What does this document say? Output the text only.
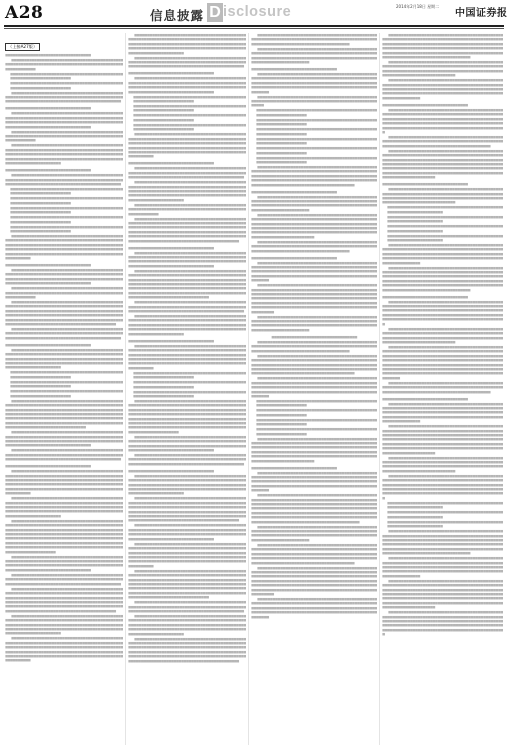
A28	信息披露 D isclosure	2014年2月18日 星期二
中国证券报
（上接A27版）
■■■■■■■■■■■■■■■■■■■■■■■■■■■■■■■■■■
■■■■■■■■■■■■■■■■■■■■■■■■■■■■■■■■■■■■■■■■■■■■■■■■■■■■■■■■■■■■■■■■■■■■■■■■■■■■■■■■■■■■■■■■■■■■■■■■■■■■■■
■■■■■■■■■■■■■■■■■■■■■■■■■■■■■■■■■■■■■■■■■■■■■■■■■■■■■■■■■■■■■■■■■■■■
■■■■■■■■■■■■■■■■■■■■■■■■■■■■■■■■■■■■■■■■■■■■■■■■■■■■■■■■■■■■■■■■■■■■
■■■■■■■■■■■■■■■■■■■■■■■■■■■■■■■■■■■■■■■■■■■■■■■■■■■■■■■■■■■■■■■■■■■■■■■■■■■■■■■■■■■■■■■■■■■■■■■■■■■■■■■■■■■■■■■■■■■■■■■■■■■■■■■■■■■■■■■■
■■■■■■■■■■■■■■■■■■■■■■■■■■■■■■■■■■
■■■■■■■■■■■■■■■■■■■■■■■■■■■■■■■■■■■■■■■■■■■■■■■■■■■■■■■■■■■■■■■■■■■■■■■■■■■■■■■■■■■■■■■■■■■■■■■■■■■■■■■■■■■■■■■■■■■■■■■■■■■■■■■■■■■■■■■■■■■■■■■■■■■■■■■■■■■■■■■■■■■■■■■■■■
■■■■■■■■■■■■■■■■■■■■■■■■■■■■■■■■■■■■■■■■■■■■■■■■■■■■■■■■■■■■■■■■■■■■■■■■■■■■■■■■■■■■■■■■■■■■■■■■■■■■■■
■■■■■■■■■■■■■■■■■■■■■■■■■■■■■■■■■■■■■■■■■■■■■■■■■■■■■■■■■■■■■■■■■■■■■■■■■■■■■■■■■■■■■■■■■■■■■■■■■■■■■■■■■■■■■■■■■■■■■■■■■■■■■■■■■■■■■■■■■■■■■■■■■■■■■■■■■■■■■■■■■■■■■■■■■■■■■■■■■■■■■■■■■■■■■■■■■■■■■■■■■■■■
■■■■■■■■■■■■■■■■■■■■■■■■■■■■■■■■■■
■■■■■■■■■■■■■■■■■■■■■■■■■■■■■■■■■■■■■■■■■■■■■■■■■■■■■■■■■■■■■■■■■■■■■■■■■■■■■■■■■■■■■■■■■■■■■■■■■■■■■■■■■■■■■■■■■■■■■■■■■■■■■■■■■■■■■■■■
■■■■■■■■■■■■■■■■■■■■■■■■■■■■■■■■■■■■■■■■■■■■■■■■■■■■■■■■■■■■■■■■■■■■
■■■■■■■■■■■■■■■■■■■■■■■■■■■■■■■■■■■■■■■■■■■■■■■■■■■■■■■■■■■■■■■■■■■■
■■■■■■■■■■■■■■■■■■■■■■■■■■■■■■■■■■■■■■■■■■■■■■■■■■■■■■■■■■■■■■■■■■■■
■■■■■■■■■■■■■■■■■■■■■■■■■■■■■■■■■■■■■■■■■■■■■■■■■■■■■■■■■■■■■■■■■■■■
■■■■■■■■■■■■■■■■■■■■■■■■■■■■■■■■■■■■■■■■■■■■■■■■■■■■■■■■■■■■■■■■■■■■
■■■■■■■■■■■■■■■■■■■■■■■■■■■■■■■■■■■■■■■■■■■■■■■■■■■■■■■■■■■■■■■■■■■■■■■■■■■■■■■■■■■■■■■■■■■■■■■■■■■■■■■■■■■■■■■■■■■■■■■■■■■■■■■■■■■■■■■■■■■■■■■■■■■■■■■■■■■■■■■■■■■■■■■■■■■■■■■■■■■■■■■■■■■■■■■■■■■■■■■■■■■■■■■■■■■■■■■■■■■■■■■■■■■■■■■■■■■■■■
■■■■■■■■■■■■■■■■■■■■■■■■■■■■■■■■■■
■■■■■■■■■■■■■■■■■■■■■■■■■■■■■■■■■■■■■■■■■■■■■■■■■■■■■■■■■■■■■■■■■■■■■■■■■■■■■■■■■■■■■■■■■■■■■■■■■■■■■■■■■■■■■■■■■■■■■■■■■■■■■■■■■■■■■■■■■■■■■■■■■■■■■■■■■■■■■■■■■■■■■■■■■■
■■■■■■■■■■■■■■■■■■■■■■■■■■■■■■■■■■■■■■■■■■■■■■■■■■■■■■■■■■■■■■■■■■■■■■■■■■■■■■■■■■■■■■■■■■■■■■■■■■■■■■
■■■■■■■■■■■■■■■■■■■■■■■■■■■■■■■■■■■■■■■■■■■■■■■■■■■■■■■■■■■■■■■■■■■■■■■■■■■■■■■■■■■■■■■■■■■■■■■■■■■■■■■■■■■■■■■■■■■■■■■■■■■■■■■■■■■■■■■■■■■■■■■■■■■■■■■■■■■■■■■■■■■■■■■■■■■■■■■■■■■■■■■■■■■■■■■■■■■■■■■■■■■■■■■■■■■■■■■■■■■■■■■■■■■■■■■■■■■■■■■■■■■■■■■■■■■■■■■■■■■■■■■■■■■■■■■■
■■■■■■■■■■■■■■■■■■■■■■■■■■■■■■■■■■■■■■■■■■■■■■■■■■■■■■■■■■■■■■■■■■■■■■■■■■■■■■■■■■■■■■■■■■■■■■■■■■■■■■■■■■■■■■■■■■■■■■■■■■■■■■■■■■■■■■■■
■■■■■■■■■■■■■■■■■■■■■■■■■■■■■■■■■■
■■■■■■■■■■■■■■■■■■■■■■■■■■■■■■■■■■■■■■■■■■■■■■■■■■■■■■■■■■■■■■■■■■■■■■■■■■■■■■■■■■■■■■■■■■■■■■■■■■■■■■■■■■■■■■■■■■■■■■■■■■■■■■■■■■■■■■■■■■■■■■■■■■■■■■■■■■■■■■■■■■■■■■■■■■■■■■■■■■■■■■■■■■■■■■■■■■■■■■■■■■■■
■■■■■■■■■■■■■■■■■■■■■■■■■■■■■■■■■■■■■■■■■■■■■■■■■■■■■■■■■■■■■■■■■■■■
■■■■■■■■■■■■■■■■■■■■■■■■■■■■■■■■■■■■■■■■■■■■■■■■■■■■■■■■■■■■■■■■■■■■
■■■■■■■■■■■■■■■■■■■■■■■■■■■■■■■■■■■■■■■■■■■■■■■■■■■■■■■■■■■■■■■■■■■■
■■■■■■■■■■■■■■■■■■■■■■■■■■■■■■■■■■■■■■■■■■■■■■■■■■■■■■■■■■■■■■■■■■■■■■■■■■■■■■■■■■■■■■■■■■■■■■■■■■■■■■■■■■■■■■■■■■■■■■■■■■■■■■■■■■■■■■■■■■■■■■■■■■■■■■■■■■■■■■■■■■■■■■■■■■■■■■■■■■■■■■■■■■■■■■■■■■■■■■■■■■■■■■■■■■■■■■■■■■■■■■■■■■■■■■■■■■■■■■■■■■■■■■■■■■■■■■■■■■■■■■■■■■■■■■■■■■■■■■■■■■■■■■■■■■■■■■■■■■■■■■■■■■
■■■■■■■■■■■■■■■■■■■■■■■■■■■■■■■■■■■■■■■■■■■■■■■■■■■■■■■■■■■■■■■■■■■■■■■■■■■■■■■■■■■■■■■■■■■■■■■■■■■■■■■■■■■■■■■■■■■■■■■■■■■■■■■■■■■■■■■■■■■■■■■■■■■■■■■■■■■■■■■■■■■■■■■■■■
■■■■■■■■■■■■■■■■■■■■■■■■■■■■■■■■■■■■■■■■■■■■■■■■■■■■■■■■■■■■■■■■■■■■■■■■■■■■■■■■■■■■■■■■■■■■■■■■■■■■■■■■■■■■■■■■■■■■■■■■■■■■■■■■■■■■■■■■
■■■■■■■■■■■■■■■■■■■■■■■■■■■■■■■■■■
■■■■■■■■■■■■■■■■■■■■■■■■■■■■■■■■■■■■■■■■■■■■■■■■■■■■■■■■■■■■■■■■■■■■■■■■■■■■■■■■■■■■■■■■■■■■■■■■■■■■■■■■■■■■■■■■■■■■■■■■■■■■■■■■■■■■■■■■■■■■■■■■■■■■■■■■■■■■■■■■■■■■■■■■■■■■■■■■■■■■■■■■■■■■■■■■■■■■■■■■■■■■■■■■■■■■■■■■■■■■■■■■■■■■■■■■■■■■■■
■■■■■■■■■■■■■■■■■■■■■■■■■■■■■■■■■■■■■■■■■■■■■■■■■■■■■■■■■■■■■■■■■■■■■■■■■■■■■■■■■■■■■■■■■■■■■■■■■■■■■■■■■■■■■■■■■■■■■■■■■■■■■■■■■■■■■■■■■■■■■■■■■■■■■■■■■■■■■■■■■■■■■■■■■■■■■■■■■■■■■■■■■■■■■■■■■■■■■■■■■■■■
■■■■■■■■■■■■■■■■■■■■■■■■■■■■■■■■■■■■■■■■■■■■■■■■■■■■■■■■■■■■■■■■■■■■■■■■■■■■■■■■■■■■■■■■■■■■■■■■■■■■■■■■■■■■■■■■■■■■■■■■■■■■■■■■■■■■■■■■■■■■■■■■■■■■■■■■■■■■■■■■■■■■■■■■■■■■■■■■■■■■■■■■■■■■■■■■■■■■■■■■■■■■■■■■■■■■■■■■■■■■■■■■■■■■■■■■■■■■■■■■■■■■■■■■■■■■■■■■■■■■■■■■■■■■■■■■■■■■■■■■■■■■■■■■■■■■■■■■■■■■■■■■■■■■■■■■■■■■■■■■■■■■■■■■■■■■■■■■■■■■
■■■■■■■■■■■■■■■■■■■■■■■■■■■■■■■■■■■■■■■■■■■■■■■■■■■■■■■■■■■■■■■■■■■■■■■■■■■■■■■■■■■■■■■■■■■■■■■■■■■■■■■■■■■■■■■■■■■■■■■■■■■■■■■■■■■■■■■■■■■■■■■■■■■■■■■■■■■■■■■■■■■■■■■■■■
■■■■■■■■■■■■■■■■■■■■■■■■■■■■■■■■■■■■■■■■■■■■■■■■■■■■■■■■■■■■■■■■■■■■■■■■■■■■■■■■■■■■■■■■■■■■■■■■■■■■■■■■■■■■■■■■■■■■■■■■■■■■■■■■■■■■■■■■
■■■■■■■■■■■■■■■■■■■■■■■■■■■■■■■■■■■■■■■■■■■■■■■■■■■■■■■■■■■■■■■■■■■■■■■■■■■■■■■■■■■■■■■■■■■■■■■■■■■■■■■■■■■■■■■■■■■■■■■■■■■■■■■■■■■■■■■■■■■■■■■■■■■■■■■■■■■■■■■■■■■■■■■■■■■■■■■■■■■■■■■■■■■■■■■■■■■■■■■■■■■■■■■■■■■■■■■■■■■■■■■■■■■■■■■■■■■■■■■■■■■■■■■■■■■■■■■■■■■■■■■■■■■■■■■■
■■■■■■■■■■■■■■■■■■■■■■■■■■■■■■■■■■■■■■■■■■■■■■■■■■■■■■■■■■■■■■■■■■■■■■■■■■■■■■■■■■■■■■■■■■■■■■■■■■■■■■■■■■■■■■■■■■■■■■■■■■■■■■■■■■■■■■■■■■■■■■■■■■■■■■■■■■■■■■■■■■■■■■■■■■■■■■■■■■■■■■■■■■■■■■■■■■■■■■■■■■■■
■■■■■■■■■■■■■■■■■■■■■■■■■■■■■■■■■■■■■■■■■■■■■■■■■■■■■■■■■■■■■■■■■■■■■■■■■■■■■■■■■■■■■■■■■■■■■■■■■■■■■■■■■■■■■■■■■■■■■■■■■■■■■■■■■■■■■■■■■■■■■■■■■■■■■■■■■■■■■■■■■■■■■■■■■■■■■■■■■■■■■■■■■■■■■■■■■■■■■■■■■■■■■■■■■■■■■■■■■■■■■■■■■■■■■■■■■■■■■■
■■■■■■■■■■■■■■■■■■■■■■■■■■■■■■■■■■■■■■■■■■■■■■■■■■■■■■■■■■■■■■■■■■■■■■■■■■■■■■■■■■■■■■■■■■■■■■■■■■■■■■■■■■■■■■■■■■■■■■■■■■■■■■■■■■■■■■■■■■■■■■■■■■■■■■■■■■■■■■■■■■■■■■■■■■■■■■■■■■■■■■■■■■■■■■■■■■■■■■■■■■■■
■■■■■■■■■■■■■■■■■■■■■■■■■■■■■■■■■■■■■■■■■■■■■■■■■■■■■■■■■■■■■■■■■■■■■■■■■■■■■■■■■■■■■■■■■■■■■■■■■■■■■■■■■■■■■■■■■■■■■■■■■■■■■■■■■■■■■■■■
■■■■■■■■■■■■■■■■■■■■■■■■■■■■■■■■■■
■■■■■■■■■■■■■■■■■■■■■■■■■■■■■■■■■■■■■■■■■■■■■■■■■■■■■■■■■■■■■■■■■■■■■■■■■■■■■■■■■■■■■■■■■■■■■■■■■■■■■■■■■■■■■■■■■■■■■■■■■■■■■■■■■■■■■■■■■■■■■■■■■■■■■■■■■■■■■■■■■■■■■■■■■■
■■■■■■■■■■■■■■■■■■■■■■■■■■■■■■■■■■■■■■■■■■■■■■■■■■■■■■■■■■■■■■■■■■■■
■■■■■■■■■■■■■■■■■■■■■■■■■■■■■■■■■■■■■■■■■■■■■■■■■■■■■■■■■■■■■■■■■■■■
■■■■■■■■■■■■■■■■■■■■■■■■■■■■■■■■■■■■■■■■■■■■■■■■■■■■■■■■■■■■■■■■■■■■
■■■■■■■■■■■■■■■■■■■■■■■■■■■■■■■■■■■■■■■■■■■■■■■■■■■■■■■■■■■■■■■■■■■■
■■■■■■■■■■■■■■■■■■■■■■■■■■■■■■■■■■■■■■■■■■■■■■■■■■■■■■■■■■■■■■■■■■■■■■■■■■■■■■■■■■■■■■■■■■■■■■■■■■■■■■■■■■■■■■■■■■■■■■■■■■■■■■■■■■■■■■■■■■■■■■■■■■■■■■■■■■■■■■■■■■■■■■■■■■■■■■■■■■■■■■■■■■■■■■■■■■■■■■■■■■■■■■■■■■■■■■■■■■■■■■■■■■■■■■■■■■■■■■
■■■■■■■■■■■■■■■■■■■■■■■■■■■■■■■■■■
■■■■■■■■■■■■■■■■■■■■■■■■■■■■■■■■■■■■■■■■■■■■■■■■■■■■■■■■■■■■■■■■■■■■■■■■■■■■■■■■■■■■■■■■■■■■■■■■■■■■■■■■■■■■■■■■■■■■■■■■■■■■■■■■■■■■■■■■
■■■■■■■■■■■■■■■■■■■■■■■■■■■■■■■■■■■■■■■■■■■■■■■■■■■■■■■■■■■■■■■■■■■■■■■■■■■■■■■■■■■■■■■■■■■■■■■■■■■■■■■■■■■■■■■■■■■■■■■■■■■■■■■■■■■■■■■■■■■■■■■■■■■■■■■■■■■■■■■■■■■■■■■■■■■■■■■■■■■■■■■■■■■■■■■■■■■■■■■■■■■■
■■■■■■■■■■■■■■■■■■■■■■■■■■■■■■■■■■■■■■■■■■■■■■■■■■■■■■■■■■■■■■■■■■■■■■■■■■■■■■■■■■■■■■■■■■■■■■■■■■■■■■
■■■■■■■■■■■■■■■■■■■■■■■■■■■■■■■■■■■■■■■■■■■■■■■■■■■■■■■■■■■■■■■■■■■■■■■■■■■■■■■■■■■■■■■■■■■■■■■■■■■■■■■■■■■■■■■■■■■■■■■■■■■■■■■■■■■■■■■■■■■■■■■■■■■■■■■■■■■■■■■■■■■■■■■■■■■■■■■■■■■■■■■■■■■■■■■■■■■■■■■■■■■■■■■■■■■■■■■■■■■■■■■■■■■■■■■■■■■■■■■■■■■■■■■■■■■■■■■■■■■■■■■■■■■■■■■■
■■■■■■■■■■■■■■■■■■■■■■■■■■■■■■■■■■
■■■■■■■■■■■■■■■■■■■■■■■■■■■■■■■■■■■■■■■■■■■■■■■■■■■■■■■■■■■■■■■■■■■■■■■■■■■■■■■■■■■■■■■■■■■■■■■■■■■■■■■■■■■■■■■■■■■■■■■■■■■■■■■■■■■■■■■■■■■■■■■■■■■■■■■■■■■■■■■■■■■■■■■■■■
■■■■■■■■■■■■■■■■■■■■■■■■■■■■■■■■■■■■■■■■■■■■■■■■■■■■■■■■■■■■■■■■■■■■■■■■■■■■■■■■■■■■■■■■■■■■■■■■■■■■■■■■■■■■■■■■■■■■■■■■■■■■■■■■■■■■■■■■■■■■■■■■■■■■■■■■■■■■■■■■■■■■■■■■■■■■■■■■■■■■■■■■■■■■■■■■■■■■■■■■■■■■■■■■■■■■■■■■■■■■■■■■■■■■■■■■■■■■■■■■■■■■■■■■■■■■■■■■■■■■■■■■■■■■■■■■■■■■■■■■■■■■■■■■■■■■■■■■■■■■■■■■■■
■■■■■■■■■■■■■■■■■■■■■■■■■■■■■■■■■■■■■■■■■■■■■■■■■■■■■■■■■■■■■■■■■■■■■■■■■■■■■■■■■■■■■■■■■■■■■■■■■■■■■■■■■■■■■■■■■■■■■■■■■■■■■■■■■■■■■■■■
■■■■■■■■■■■■■■■■■■■■■■■■■■■■■■■■■■■■■■■■■■■■■■■■■■■■■■■■■■■■■■■■■■■■■■■■■■■■■■■■■■■■■■■■■■■■■■■■■■■■■■■■■■■■■■■■■■■■■■■■■■■■■■■■■■■■■■■■■■■■■■■■■■■■■■■■■■■■■■■■■■■■■■■■■■■■■■■■■■■■■■■■■■■■■■■■■■■■■■■■■■■■
■■■■■■■■■■■■■■■■■■■■■■■■■■■■■■■■■■
■■■■■■■■■■■■■■■■■■■■■■■■■■■■■■■■■■■■■■■■■■■■■■■■■■■■■■■■■■■■■■■■■■■■■■■■■■■■■■■■■■■■■■■■■■■■■■■■■■■■■■■■■■■■■■■■■■■■■■■■■■■■■■■■■■■■■■■■■■■■■■■■■■■■■■■■■■■■■■■■■■■■■■■■■■■■■■■■■■■■■■■■■■■■■■■■■■■■■■■■■■■■■■■■■■■■■■■■■■■■■■■■■■■■■■■■■■■■■■
■■■■■■■■■■■■■■■■■■■■■■■■■■■■■■■■■■■■■■■■■■■■■■■■■■■■■■■■■■■■■■■■■■■■
■■■■■■■■■■■■■■■■■■■■■■■■■■■■■■■■■■■■■■■■■■■■■■■■■■■■■■■■■■■■■■■■■■■■
■■■■■■■■■■■■■■■■■■■■■■■■■■■■■■■■■■■■■■■■■■■■■■■■■■■■■■■■■■■■■■■■■■■■
■■■■■■■■■■■■■■■■■■■■■■■■■■■■■■■■■■■■■■■■■■■■■■■■■■■■■■■■■■■■■■■■■■■■■■■■■■■■■■■■■■■■■■■■■■■■■■■■■■■■■■■■■■■■■■■■■■■■■■■■■■■■■■■■■■■■■■■■■■■■■■■■■■■■■■■■■■■■■■■■■■■■■■■■■■■■■■■■■■■■■■■■■■■■■■■■■■■■■■■■■■■■■■■■■■■■■■■■■■■■■■■■■■■■■■■■■■■■■■■■■■■■■■■■■■■■■■■■■■■■■■■■■■■■■■■■■■■■■■■■■■■■■■■■■■■■■■■■■■■■■■■■■■■■■■■■■■■■■■■■■■■■■■■■■■■■■■■■■■■■
■■■■■■■■■■■■■■■■■■■■■■■■■■■■■■■■■■■■■■■■■■■■■■■■■■■■■■■■■■■■■■■■■■■■■■■■■■■■■■■■■■■■■■■■■■■■■■■■■■■■■■■■■■■■■■■■■■■■■■■■■■■■■■■■■■■■■■■■■■■■■■■■■■■■■■■■■■■■■■■■■■■■■■■■■■
■■■■■■■■■■■■■■■■■■■■■■■■■■■■■■■■■■■■■■■■■■■■■■■■■■■■■■■■■■■■■■■■■■■■■■■■■■■■■■■■■■■■■■■■■■■■■■■■■■■■■■■■■■■■■■■■■■■■■■■■■■■■■■■■■■■■■■■■
■■■■■■■■■■■■■■■■■■■■■■■■■■■■■■■■■■
■■■■■■■■■■■■■■■■■■■■■■■■■■■■■■■■■■■■■■■■■■■■■■■■■■■■■■■■■■■■■■■■■■■■■■■■■■■■■■■■■■■■■■■■■■■■■■■■■■■■■■■■■■■■■■■■■■■■■■■■■■■■■■■■■■■■■■■■■■■■■■■■■■■■■■■■■■■■■■■■■■■■■■■■■■■■■■■■■■■■■■■■■■■■■■■■■■■■■■■■■■■■
■■■■■■■■■■■■■■■■■■■■■■■■■■■■■■■■■■■■■■■■■■■■■■■■■■■■■■■■■■■■■■■■■■■■■■■■■■■■■■■■■■■■■■■■■■■■■■■■■■■■■■■■■■■■■■■■■■■■■■■■■■■■■■■■■■■■■■■■■■■■■■■■■■■■■■■■■■■■■■■■■■■■■■■■■■■■■■■■■■■■■■■■■■■■■■■■■■■■■■■■■■■■■■■■■■■■■■■■■■■■■■■■■■■■■■■■■■■■■■■■■■■■■■■■■■■■■■■■■■■■■■■■■■■■■■■■
■■■■■■■■■■■■■■■■■■■■■■■■■■■■■■■■■■■■■■■■■■■■■■■■■■■■■■■■■■■■■■■■■■■■■■■■■■■■■■■■■■■■■■■■■■■■■■■■■■■■■■■■■■■■■■■■■■■■■■■■■■■■■■■■■■■■■■■■■■■■■■■■■■■■■■■■■■■■■■■■■■■■■■■■■■
■■■■■■■■■■■■■■■■■■■■■■■■■■■■■■■■■■■■■■■■■■■■■■■■■■■■■■■■■■■■■■■■■■■■■■■■■■■■■■■■■■■■■■■■■■■■■■■■■■■■■■■■■■■■■■■■■■■■■■■■■■■■■■■■■■■■■■■■■■■■■■■■■■■■■■■■■■■■■■■■■■■■■■■■■■■■■■■■■■■■■■■■■■■■■■■■■■■■■■■■■■■■■■■■■■■■■■■■■■■■■■■■■■■■■■■■■■■■■■
■■■■■■■■■■■■■■■■■■■■■■■■■■■■■■■■■■■■■■■■■■■■■■■■■■■■■■■■■■■■■■■■■■■■■■■■■■■■■■■■■■■■■■■■■■■■■■■■■■■■■■■■■■■■■■■■■■■■■■■■■■■■■■■■■■■■■■■■■■■■■■■■■■■■■■■■■■■■■■■■■■■■■■■■■■■■■■■■■■■■■■■■■■■■■■■■■■■■■■■■■■■■■■■■■■■■■■■■■■■■■■■■■■■■■■■■■■■■■■■■■■■■■■■■■■■■■■■■■■■■■■■■■■■■■■■■■■■■■■■■■■■■■■■■■■■■■■■■■■■■■■■■■■
■■■■■■■■■■■■■■■■■■■■■■■■■■■■■■■■■■■■■■■■■■■■■■■■■■■■■■■■■■■■■■■■■■■■■■■■■■■■■■■■■■■■■■■■■■■■■■■■■■■■■■■■■■■■■■■■■■■■■■■■■■■■■■■■■■■■■■■■
■■■■■■■■■■■■■■■■■■■■■■■■■■■■■■■■■■■■■■■■■■■■■■■■■■■■■■■■■■■■■■■■■■■■■■■■■■■■■■■■■■■■■■■■■■■■■■■■■■■■■■■■■■■■■■■■■■■■■■■■■■■■■■■■■■■■■■■■■■■■■■■■■■■■■■■■■■■■■■■■■■■■■■■■■■■■■■■■■■■■■■■■■■■■■■■■■■■■■■■■■■■■
■■■■■■■■■■■■■■■■■■■■■■■■■■■■■■■■■■■■■■■■■■■■■■■■■■■■■■■■■■■■■■■■■■■■■■■■■■■■■■■■■■■■■■■■■■■■■■■■■■■■■■■■■■■■■■■■■■■■■■■■■■■■■■■■■■■■■■■■■■■■■■■■■■■■■■■■■■■■■■■■■■■■■■■■■■■■■■■■■■■■■■■■■■■■■■■■■■■■■■■■■■■■■■■■■■■■■■■■■■■■■■■■■■■■■■■■■■■■■■■■■■■■■■■■■■■■■■■■■■■■■■■■■■■■■■■■
■■■■■■■■■■■■■■■■■■■■■■■■■■■■■■■■■■■■■■■■■■■■■■■■■■■■■■■■■■■■■■■■■■■■■■■■■■■■■■■■■■■■■■■■■■■■■■■■■■■■■■■■■■■■■■■■■■■■■■■■■■■■■■■■■■■■■■■■
■■■■■■■■■■■■■■■■■■■■■■■■■■■■■■■■■■■■■■■■■■■■■■■■■■■■■■■■■■■■■■■■■■■■■■■■■■■■■■■■■■■■■■■■■■■■■■■■■■■■■■■■■■■■■■■■■■■■■■■■■■■■■■■■■■■■■■■■■■■■■■■■■■■■■■■■■■■■■■■■■■■■■■■■■■
■■■■■■■■■■■■■■■■■■■■■■■■■■■■■■■■■■
■■■■■■■■■■■■■■■■■■■■■■■■■■■■■■■■■■■■■■■■■■■■■■■■■■■■■■■■■■■■■■■■■■■■■■■■■■■■■■■■■■■■■■■■■■■■■■■■■■■■■■■■■■■■■■■■■■■■■■■■■■■■■■■■■■■■■■■■■■■■■■■■■■■■■■■■■■■■■■■■■■■■■■■■■■■■■■■■■■■■■■■■■■■■■■■■■■■■■■■■■■■■
■■■■■■■■■■■■■■■■■■■■■■■■■■■■■■■■■■■■■■■■■■■■■■■■■■■■■■■■■■■■■■■■■■■■■■■■■■■■■■■■■■■■■■■■■■■■■■■■■■■■■■
■■■■■■■■■■■■■■■■■■■■■■■■■■■■■■■■■■■■■■■■■■■■■■■■■■■■■■■■■■■■■■■■■■■■
■■■■■■■■■■■■■■■■■■■■■■■■■■■■■■■■■■■■■■■■■■■■■■■■■■■■■■■■■■■■■■■■■■■■
■■■■■■■■■■■■■■■■■■■■■■■■■■■■■■■■■■■■■■■■■■■■■■■■■■■■■■■■■■■■■■■■■■■■
■■■■■■■■■■■■■■■■■■■■■■■■■■■■■■■■■■■■■■■■■■■■■■■■■■■■■■■■■■■■■■■■■■■■
■■■■■■■■■■■■■■■■■■■■■■■■■■■■■■■■■■■■■■■■■■■■■■■■■■■■■■■■■■■■■■■■■■■■
■■■■■■■■■■■■■■■■■■■■■■■■■■■■■■■■■■■■■■■■■■■■■■■■■■■■■■■■■■■■■■■■■■■■
■■■■■■■■■■■■■■■■■■■■■■■■■■■■■■■■■■■■■■■■■■■■■■■■■■■■■■■■■■■■■■■■■■■■■■■■■■■■■■■■■■■■■■■■■■■■■■■■■■■■■■■■■■■■■■■■■■■■■■■■■■■■■■■■■■■■■■■■■■■■■■■■■■■■■■■■■■■■■■■■■■■■■■■■■■■■■■■■■■■■■■■■■■■■■■■■■■■■■■■■■■■■■■■■■■■■■■■■■■■■■■■■■■■■■■■■■■■■■■
■■■■■■■■■■■■■■■■■■■■■■■■■■■■■■■■■■
■■■■■■■■■■■■■■■■■■■■■■■■■■■■■■■■■■■■■■■■■■■■■■■■■■■■■■■■■■■■■■■■■■■■■■■■■■■■■■■■■■■■■■■■■■■■■■■■■■■■■■■■■■■■■■■■■■■■■■■■■■■■■■■■■■■■■■■■■■■■■■■■■■■■■■■■■■■■■■■■■■■■■■■■■■
■■■■■■■■■■■■■■■■■■■■■■■■■■■■■■■■■■■■■■■■■■■■■■■■■■■■■■■■■■■■■■■■■■■■■■■■■■■■■■■■■■■■■■■■■■■■■■■■■■■■■■■■■■■■■■■■■■■■■■■■■■■■■■■■■■■■■■■■■■■■■■■■■■■■■■■■■■■■■■■■■■■■■■■■■■■■■■■■■■■■■■■■■■■■■■■■■■■■■■■■■■■■■■■■■■■■■■■■■■■■■■■■■■■■■■■■■■■■■■■■■■■■■■■■■■■■■■■■■■■■■■■■■■■■■■■■
■■■■■■■■■■■■■■■■■■■■■■■■■■■■■■■■■■■■■■■■■■■■■■■■■■■■■■■■■■■■■■■■■■■■■■■■■■■■■■■■■■■■■■■■■■■■■■■■■■■■■■■■■■■■■■■■■■■■■■■■■■■■■■■■■■■■■■■■
■■■■■■■■■■■■■■■■■■■■■■■■■■■■■■■■■■
■■■■■■■■■■■■■■■■■■■■■■■■■■■■■■■■■■■■■■■■■■■■■■■■■■■■■■■■■■■■■■■■■■■■■■■■■■■■■■■■■■■■■■■■■■■■■■■■■■■■■■■■■■■■■■■■■■■■■■■■■■■■■■■■■■■■■■■■■■■■■■■■■■■■■■■■■■■■■■■■■■■■■■■■■■■■■■■■■■■■■■■■■■■■■■■■■■■■■■■■■■■■
■■■■■■■■■■■■■■■■■■■■■■■■■■■■■■■■■■■■■■■■■■■■■■■■■■■■■■■■■■■■■■■■■■■■■■■■■■■■■■■■■■■■■■■■■■■■■■■■■■■■■■■■■■■■■■■■■■■■■■■■■■■■■■■■■■■■■■■■■■■■■■■■■■■■■■■■■■■■■■■■■■■■■■■■■■■■■■■■■■■■■■■■■■■■■■■■■■■■■■■■■■■■■■■■■■■■■■■■■■■■■■■■■■■■■■■■■■■■■■■■■■■■■■■■■■■■■■■■■■■■■■■■■■■■■■■■■■■■■■■■■■■■■■■■■■■■■■■■■■■■■■■■■■
■■■■■■■■■■■■■■■■■■■■■■■■■■■■■■■■■■■■■■■■■■■■■■■■■■■■■■■■■■■■■■■■■■■■■■■■■■■■■■■■■■■■■■■■■■■■■■■■■■■■■■■■■■■■■■■■■■■■■■■■■■■■■■■■■■■■■■■■■■■■■■■■■■■■■■■■■■■■■■■■■■■■■■■■■■
■■■■■■■■■■■■■■■■■■■■■■■■■■■■■■■■■■
■■■■■■■■■■■■■■■■■■■■■■■■■■■■■■■■■■■■■■■■■■■■■■■■■■■■■■■■■■■■■■■■■■■■■■■■■■■■■■■■■■■■■■■■■■■■■■■■■■■■■■■■■■■■■■■■■■■■■■■■■■■■■■■■■■■■■■■■
■■■■■■■■■■■■■■■■■■■■■■■■■■■■■■■■■■■■■■■■■■■■■■■■■■■■■■■■■■■■■■■■■■■■■■■■■■■■■■■■■■■■■■■■■■■■■■■■■■■■■■■■■■■■■■■■■■■■■■■■■■■■■■■■■■■■■■■■■■■■■■■■■■■■■■■■■■■■■■■■■■■■■■■■■■■■■■■■■■■■■■■■■■■■■■■■■■■■■■■■■■■■■■■■■■■■■■■■■■■■■■■■■■■■■■■■■■■■■■
■■■■■■■■■■■■■■■■■■■■■■■■■■■■■■■■■■■■■■■■■■■■■■■■■■■■■■■■■■■■■■■■■■■■■■■■■■■■■■■■■■■■■■■■■■■■■■■■■■■■■■■■■■■■■■■■■■■■■■■■■■■■■■■■■■■■■■■■■■■■■■■■■■■■■■■■■■■■■■■■■■■■■■■■■■■■■■■■■■■■■■■■■■■■■■■■■■■■■■■■■■■■
■■■■■■■■■■■■■■■■■■■■■■■■■■■■■■■■■■■■■■■■■■■■■■■■■■■■■■■■■■■■■■■■■■■■
■■■■■■■■■■■■■■■■■■■■■■■■■■■■■■■■■■■■■■■■■■■■■■■■■■■■■■■■■■■■■■■■■■■■
■■■■■■■■■■■■■■■■■■■■■■■■■■■■■■■■■■■■■■■■■■■■■■■■■■■■■■■■■■■■■■■■■■■■
■■■■■■■■■■■■■■■■■■■■■■■■■■■■■■■■■■■■■■■■■■■■■■■■■■■■■■■■■■■■■■■■■■■■
■■■■■■■■■■■■■■■■■■■■■■■■■■■■■■■■■■■■■■■■■■■■■■■■■■■■■■■■■■■■■■■■■■■■■■■■■■■■■■■■■■■■■■■■■■■■■■■■■■■■■■■■■■■■■■■■■■■■■■■■■■■■■■■■■■■■■■■■■■■■■■■■■■■■■■■■■■■■■■■■■■■■■■■■■■■■■■■■■■■■■■■■■■■■■■■■■■■■■■■■■■■■■■■■■■■■■■■■■■■■■■■■■■■■■■■■■■■■■■■■■■■■■■■■■■■■■■■■■■■■■■■■■■■■■■■■
■■■■■■■■■■■■■■■■■■■■■■■■■■■■■■■■■■
■■■■■■■■■■■■■■■■■■■■■■■■■■■■■■■■■■■■■■■■■■■■■■■■■■■■■■■■■■■■■■■■■■■■■■■■■■■■■■■■■■■■■■■■■■■■■■■■■■■■■■■■■■■■■■■■■■■■■■■■■■■■■■■■■■■■■■■■■■■■■■■■■■■■■■■■■■■■■■■■■■■■■■■■■■■■■■■■■■■■■■■■■■■■■■■■■■■■■■■■■■■■
■■■■■■■■■■■■■■■■■■■■■■■■■■■■■■■■■■■■■■■■■■■■■■■■■■■■■■■■■■■■■■■■■■■■■■■■■■■■■■■■■■■■■■■■■■■■■■■■■■■■■■■■■■■■■■■■■■■■■■■■■■■■■■■■■■■■■■■■■■■■■■■■■■■■■■■■■■■■■■■■■■■■■■■■■■■■■■■■■■■■■■■■■■■■■■■■■■■■■■■■■■■■■■■■■■■■■■■■■■■■■■■■■■■■■■■■■■■■■■■■■■■■■■■■■■■■■■■■■■■■■■■■■■■■■■■■■■■■■■■■■■■■■■■■■■■■■■■■■■■■■■■■■■■■■■■■■■■■■■■■■■■■■■■■■■■■■■■■■■■■
■■■■■■■■■■■■■■■■■■■■■■■■■■■■■■■■■■■■■■■■■■■■■■■■■■■■■■■■■■■■■■■■■■■■■■■■■■■■■■■■■■■■■■■■■■■■■■■■■■■■■■■■■■■■■■■■■■■■■■■■■■■■■■■■■■■■■■■■■■■■■■■■■■■■■■■■■■■■■■■■■■■■■■■■■■
■■■■■■■■■■■■■■■■■■■■■■■■■■■■■■■■■■■■■■■■■■■■■■■■■■■■■■■■■■■■■■■■■■■■■■■■■■■■■■■■■■■■■■■■■■■■■■■■■■■■■■■■■■■■■■■■■■■■■■■■■■■■■■■■■■■■■■■■■■■■■■■■■■■■■■■■■■■■■■■■■■■■■■■■■■■■■■■■■■■■■■■■■■■■■■■■■■■■■■■■■■■■■■■■■■■■■■■■■■■■■■■■■■■■■■■■■■■■■■
■■■■■■■■■■■■■■■■■■■■■■■■■■■■■■■■■■■■■■■■■■■■■■■■■■■■■■■■■■■■■■■■■■■■■■■■■■■■■■■■■■■■■■■■■■■■■■■■■■■■■■■■■■■■■■■■■■■■■■■■■■■■■■■■■■■■■■■■■■■■■■■■■■■■■■■■■■■■■■■■■■■■■■■■■■■■■■■■■■■■■■■■■■■■■■■■■■■■■■■■■■■■■■■■■■■■■■■■■■■■■■■■■■■■■■■■■■■■■■■■■■■■■■■■■■■■■■■■■■■■■■■■■■■■■■■■■■■■■■■■■■■■■■■■■■■■■■■■■■■■■■■■■■
■■■■■■■■■■■■■■■■■■■■■■■■■■■■■■■■■■■■■■■■■■■■■■■■■■■■■■■■■■■■■■■■■■■■■■■■■■■■■■■■■■■■■■■■■■■■■■■■■■■■■■■■■■■■■■■■■■■■■■■■■■■■■■■■■■■■■■■■■■■■■■■■■■■■■■■■■■■■■■■■■■■■■■■■■■■■■■■■■■■■■■■■■■■■■■■■■■■■■■■■■■■■
■■■■■■■■■■■■■■■■■■■■■■■■■■■■■■■■■■■■■■■■■■■■■■■■■■■■■■■■■■■■■■■■■■■■■■■■■■■■■■■■■■■■■■■■■■■■■■■■■■■■■■■■■■■■■■■■■■■■■■■■■■■■■■■■■■■■■■■■■■■■■■■■■■■■■■■■■■■■■■■■■■■■■■■■■■■■■■■■■■■■■■■■■■■■■■■■■■■■■■■■■■■■■■■■■■■■■■■■■■■■■■■■■■■■■■■■■■■■■■■■■■■■■■■■■■■■■■■■■■■■■■■■■■■■■■■■
■■■■■■■■■■■■■■■■■■■■■■■■■■■■■■■■■■■■■■■■■■■■■■■■■■■■■■■■■■■■■■■■■■■■■■■■■■■■■■■■■■■■■■■■■■■■■■■■■■■■■■■■■■■■■■■■■■■■■■■■■■■■■■■■■■■■■■■■■■■■■■■■■■■■■■■■■■■■■■■■■■■■■■■■■■
■■■■■■■■■■■■■■■■■■■■■■■■■■■■■■■■■■■■■■■■■■■■■■■■■■■■■■■■■■■■■■■■■■■■■■■■■■■■■■■■■■■■■■■■■■■■■■■■■■■■■■■■■■■■■■■■■■■■■■■■■■■■■■■■■■■■■■■■■■■■■■■■■■■■■■■■■■■■■■■■■■■■■■■■■■■■■■■■■■■■■■■■■■■■■■■■■■■■■■■■■■■■
■■■■■■■■■■■■■■■■■■■■■■■■■■■■■■■■■■
■■■■■■■■■■■■■■■■■■■■■■■■■■■■■■■■■■■■■■■■■■■■■■■■■■■■■■■■■■■■■■■■■■■■■■■■■■■■■■■■■■■■■■■■■■■■■■■■■■■■■■■■■■■■■■■■■■■■■■■■■■■■■■■■■■■■■■■■■■■■■■■■■■■■■■■■■■■■■■■■■■■■■■■■■■■■■■■■■■■■■■■■■■■■■■■■■■■■■■■■■■■■■■■■■■■■■■■■■■■■■■■■■■■■■■■■■■■■■■
■■■■■■■■■■■■■■■■■■■■■■■■■■■■■■■■■■■■■■■■■■■■■■■■■■■■■■■■■■■■■■■■■■■■■■■■■■■■■■■■■■■■■■■■■■■■■■■■■■■■■■■■■■■■■■■■■■■■■■■■■■■■■■■■■■■■■■■■
■■■■■■■■■■■■■■■■■■■■■■■■■■■■■■■■■■■■■■■■■■■■■■■■■■■■■■■■■■■■■■■■■■■■■■■■■■■■■■■■■■■■■■■■■■■■■■■■■■■■■■■■■■■■■■■■■■■■■■■■■■■■■■■■■■■■■■■■■■■■■■■■■■■■■■■■■■■■■■■■■■■■■■■■■■■■■■■■■■■■■■■■■■■■■■■■■■■■■■■■■■■■■■■■■■■■■■■■■■■■■■■■■■■■■■■■■■■■■■■■■■■■■■■■■■■■■■■■■■■■■■■■■■■■■■■■■■■■■■■■■■■■■■■■■■■■■■■■■■■■■■■■■■
■■■■■■■■■■■■■■■■■■■■■■■■■■■■■■■■■■
■■■■■■■■■■■■■■■■■■■■■■■■■■■■■■■■■■■■■■■■■■■■■■■■■■■■■■■■■■■■■■■■■■■■■■■■■■■■■■■■■■■■■■■■■■■■■■■■■■■■■■■■■■■■■■■■■■■■■■■■■■■■■■■■■■■■■■■■■■■■■■■■■■■■■■■■■■■■■■■■■■■■■■■■■■
■■■■■■■■■■■■■■■■■■■■■■■■■■■■■■■■■■■■■■■■■■■■■■■■■■■■■■■■■■■■■■■■■■■■
■■■■■■■■■■■■■■■■■■■■■■■■■■■■■■■■■■■■■■■■■■■■■■■■■■■■■■■■■■■■■■■■■■■■
■■■■■■■■■■■■■■■■■■■■■■■■■■■■■■■■■■■■■■■■■■■■■■■■■■■■■■■■■■■■■■■■■■■■
■■■■■■■■■■■■■■■■■■■■■■■■■■■■■■■■■■■■■■■■■■■■■■■■■■■■■■■■■■■■■■■■■■■■
■■■■■■■■■■■■■■■■■■■■■■■■■■■■■■■■■■■■■■■■■■■■■■■■■■■■■■■■■■■■■■■■■■■■■■■■■■■■■■■■■■■■■■■■■■■■■■■■■■■■■■■■■■■■■■■■■■■■■■■■■■■■■■■■■■■■■■■■■■■■■■■■■■■■■■■■■■■■■■■■■■■■■■■■■■■■■■■■■■■■■■■■■■■■■■■■■■■■■■■■■■■■
■■■■■■■■■■■■■■■■■■■■■■■■■■■■■■■■■■■■■■■■■■■■■■■■■■■■■■■■■■■■■■■■■■■■■■■■■■■■■■■■■■■■■■■■■■■■■■■■■■■■■■■■■■■■■■■■■■■■■■■■■■■■■■■■■■■■■■■■■■■■■■■■■■■■■■■■■■■■■■■■■■■■■■■■■■■■■■■■■■■■■■■■■■■■■■■■■■■■■■■■■■■■■■■■■■■■■■■■■■■■■■■■■■■■■■■■■■■■■■■■■■■■■■■■■■■■■■■■■■■■■■■■■■■■■■■■
■■■■■■■■■■■■■■■■■■■■■■■■■■■■■■■■■■
■■■■■■■■■■■■■■■■■■■■■■■■■■■■■■■■■■■■■■■■■■■■■■■■■■■■■■■■■■■■■■■■■■■■■■■■■■■■■■■■■■■■■■■■■■■■■■■■■■■■■■■■■■■■■■■■■■■■■■■■■■■■■■■■■■■■■■■■■■■■■■■■■■■■■■■■■■■■■■■■■■■■■■■■■■■■■■■■■■■■■■■■■■■■■■■■■■■■■■■■■■■■■■■■■■■■■■■■■■■■■■■■■■■■■■■■■■■■■■
■■■■■■■■■■■■■■■■■■■■■■■■■■■■■■■■■■■■■■■■■■■■■■■■■■■■■■■■■■■■■■■■■■■■■■■■■■■■■■■■■■■■■■■■■■■■■■■■■■■■■■■■■■■■■■■■■■■■■■■■■■■■■■■■■■■■■■■■■■■■■■■■■■■■■■■■■■■■■■■■■■■■■■■■■■
■■■■■■■■■■■■■■■■■■■■■■■■■■■■■■■■■■■■■■■■■■■■■■■■■■■■■■■■■■■■■■■■■■■■■■■■■■■■■■■■■■■■■■■■■■■■■■■■■■■■■■■■■■■■■■■■■■■■■■■■■■■■■■■■■■■■■■■■■■■■■■■■■■■■■■■■■■■■■■■■■■■■■■■■■■■■■■■■■■■■■■■■■■■■■■■■■■■■■■■■■■■■■■■■■■■■■■■■■■■■■■■■■■■■■■■■■■■■■■■■■■■■■■■■■■■■■■■■■■■■■■■■■■■■■■■■■■■■■■■■■■■■■■■■■■■■■■■■■■■■■■■■■■■■■■■■■■■■■■■■■■■■■■■■■■■■■■■■■■■■
■■■■■■■■■■■■■■■■■■■■■■■■■■■■■■■■■■■■■■■■■■■■■■■■■■■■■■■■■■■■■■■■■■■■■■■■■■■■■■■■■■■■■■■■■■■■■■■■■■■■■■■■■■■■■■■■■■■■■■■■■■■■■■■■■■■■■■■■
■■■■■■■■■■■■■■■■■■■■■■■■■■■■■■■■■■
■■■■■■■■■■■■■■■■■■■■■■■■■■■■■■■■■■■■■■■■■■■■■■■■■■■■■■■■■■■■■■■■■■■■■■■■■■■■■■■■■■■■■■■■■■■■■■■■■■■■■■■■■■■■■■■■■■■■■■■■■■■■■■■■■■■■■■■■■■■■■■■■■■■■■■■■■■■■■■■■■■■■■■■■■■■■■■■■■■■■■■■■■■■■■■■■■■■■■■■■■■■■
■■■■■■■■■■■■■■■■■■■■■■■■■■■■■■■■■■■■■■■■■■■■■■■■■■■■■■■■■■■■■■■■■■■■■■■■■■■■■■■■■■■■■■■■■■■■■■■■■■■■■■■■■■■■■■■■■■■■■■■■■■■■■■■■■■■■■■■■■■■■■■■■■■■■■■■■■■■■■■■■■■■■■■■■■■■■■■■■■■■■■■■■■■■■■■■■■■■■■■■■■■■■■■■■■■■■■■■■■■■■■■■■■■■■■■■■■■■■■■■■■■■■■■■■■■■■■■■■■■■■■■■■■■■■■■■■■■■■■■■■■■■■■■■■■■■■■■■■■■■■■■■■■■
■■■■■■■■■■■■■■■■■■■■■■■■■■■■■■■■■■■■■■■■■■■■■■■■■■■■■■■■■■■■■■■■■■■■■■■■■■■■■■■■■■■■■■■■■■■■■■■■■■■■■■■■■■■■■■■■■■■■■■■■■■■■■■■■■■■■■■■■■■■■■■■■■■■■■■■■■■■■■■■■■■■■■■■■■■
■■■■■■■■■■■■■■■■■■■■■■■■■■■■■■■■■■■■■■■■■■■■■■■■■■■■■■■■■■■■■■■■■■■■■■■■■■■■■■■■■■■■■■■■■■■■■■■■■■■■■■■■■■■■■■■■■■■■■■■■■■■■■■■■■■■■■■■■■■■■■■■■■■■■■■■■■■■■■■■■■■■■■■■■■■■■■■■■■■■■■■■■■■■■■■■■■■■■■■■■■■■■■■■■■■■■■■■■■■■■■■■■■■■■■■■■■■■■■■
■■■■■■■■■■■■■■■■■■■■■■■■■■■■■■■■■■■■■■■■■■■■■■■■■■■■■■■■■■■■■■■■■■■■
■■■■■■■■■■■■■■■■■■■■■■■■■■■■■■■■■■■■■■■■■■■■■■■■■■■■■■■■■■■■■■■■■■■■
■■■■■■■■■■■■■■■■■■■■■■■■■■■■■■■■■■■■■■■■■■■■■■■■■■■■■■■■■■■■■■■■■■■■
■■■■■■■■■■■■■■■■■■■■■■■■■■■■■■■■■■■■■■■■■■■■■■■■■■■■■■■■■■■■■■■■■■■■■■■■■■■■■■■■■■■■■■■■■■■■■■■■■■■■■■■■■■■■■■■■■■■■■■■■■■■■■■■■■■■■■■■■■■■■■■■■■■■■■■■■■■■■■■■■■■■■■■■■■■■■■■■■■■■■■■■■■■■■■■■■■■■■■■■■■■■■■■■■■■■■■■■■■■■■■■■■■■■■■■■■■■■■■■■■■■■■■■■■■■■■■■■■■■■■■■■■■■■■■■■■
■■■■■■■■■■■■■■■■■■■■■■■■■■■■■■■■■■■■■■■■■■■■■■■■■■■■■■■■■■■■■■■■■■■■■■■■■■■■■■■■■■■■■■■■■■■■■■■■■■■■■■■■■■■■■■■■■■■■■■■■■■■■■■■■■■■■■■■■■■■■■■■■■■■■■■■■■■■■■■■■■■■■■■■■■■■■■■■■■■■■■■■■■■■■■■■■■■■■■■■■■■■■
■■■■■■■■■■■■■■■■■■■■■■■■■■■■■■■■■■■■■■■■■■■■■■■■■■■■■■■■■■■■■■■■■■■■■■■■■■■■■■■■■■■■■■■■■■■■■■■■■■■■■■■■■■■■■■■■■■■■■■■■■■■■■■■■■■■■■■■■■■■■■■■■■■■■■■■■■■■■■■■■■■■■■■■■■■■■■■■■■■■■■■■■■■■■■■■■■■■■■■■■■■■■■■■■■■■■■■■■■■■■■■■■■■■■■■■■■■■■■■■■■■■■■■■■■■■■■■■■■■■■■■■■■■■■■■■■■■■■■■■■■■■■■■■■■■■■■■■■■■■■■■■■■■
■■■■■■■■■■■■■■■■■■■■■■■■■■■■■■■■■■■■■■■■■■■■■■■■■■■■■■■■■■■■■■■■■■■■■■■■■■■■■■■■■■■■■■■■■■■■■■■■■■■■■■■■■■■■■■■■■■■■■■■■■■■■■■■■■■■■■■■■■■■■■■■■■■■■■■■■■■■■■■■■■■■■■■■■■■■■■■■■■■■■■■■■■■■■■■■■■■■■■■■■■■■■■■■■■■■■■■■■■■■■■■■■■■■■■■■■■■■■■■
